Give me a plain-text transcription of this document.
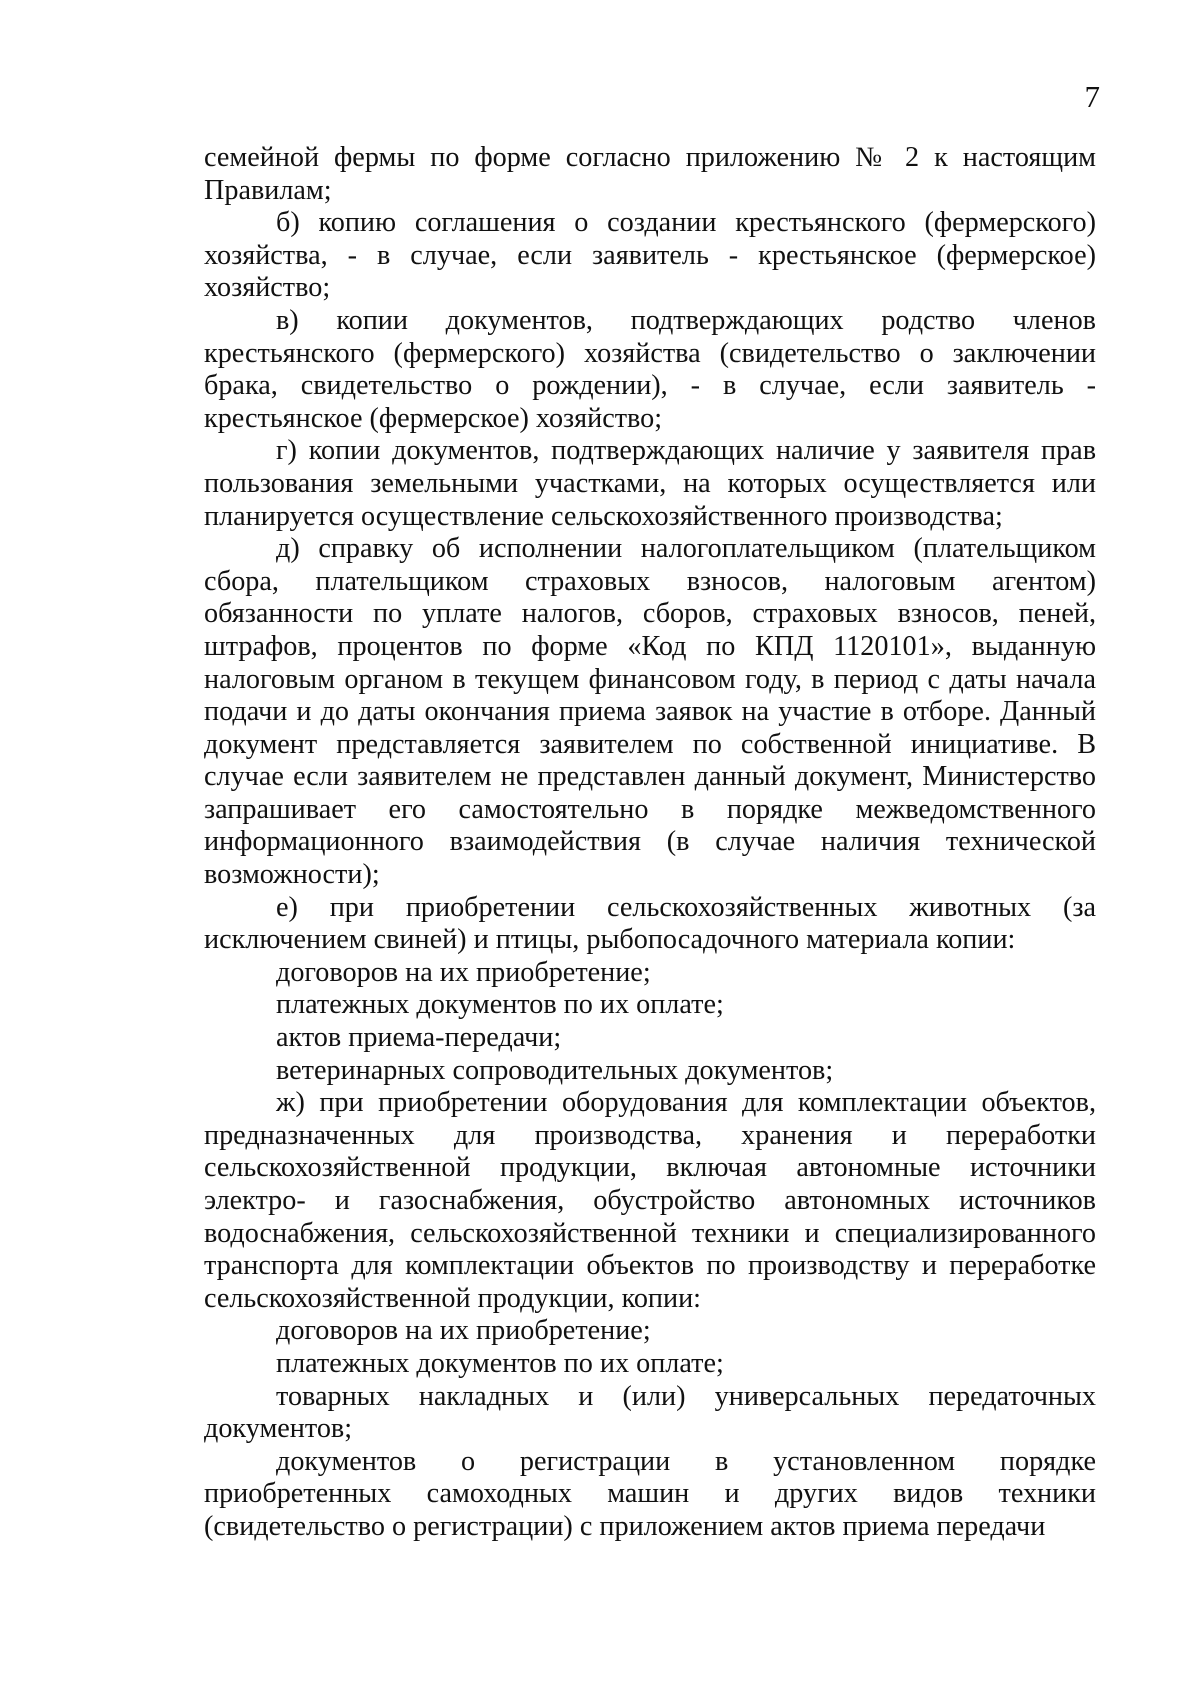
7

семейной фермы по форме согласно приложению № 2 к настоящим Правилам;

б) копию соглашения о создании крестьянского (фермерского) хозяйства, - в случае, если заявитель - крестьянское (фермерское) хозяйство;

в) копии документов, подтверждающих родство членов крестьянского (фермерского) хозяйства (свидетельство о заключении брака, свидетельство о рождении), - в случае, если заявитель - крестьянское (фермерское) хозяйство;

г) копии документов, подтверждающих наличие у заявителя прав пользования земельными участками, на которых осуществляется или планируется осуществление сельскохозяйственного производства;

д) справку об исполнении налогоплательщиком (плательщиком сбора, плательщиком страховых взносов, налоговым агентом) обязанности по уплате налогов, сборов, страховых взносов, пеней, штрафов, процентов по форме «Код по КПД 1120101», выданную налоговым органом в текущем финансовом году, в период с даты начала подачи и до даты окончания приема заявок на участие в отборе. Данный документ представляется заявителем по собственной инициативе. В случае если заявителем не представлен данный документ, Министерство запрашивает его самостоятельно в порядке межведомственного информационного взаимодействия (в случае наличия технической возможности);

е) при приобретении сельскохозяйственных животных (за исключением свиней) и птицы, рыбопосадочного материала копии:

договоров на их приобретение;

платежных документов по их оплате;

актов приема-передачи;

ветеринарных сопроводительных документов;

ж) при приобретении оборудования для комплектации объектов, предназначенных для производства, хранения и переработки сельскохозяйственной продукции, включая автономные источники электро- и газоснабжения, обустройство автономных источников водоснабжения, сельскохозяйственной техники и специализированного транспорта для комплектации объектов по производству и переработке сельскохозяйственной продукции, копии:

договоров на их приобретение;

платежных документов по их оплате;

товарных накладных и (или) универсальных передаточных документов;

документов о регистрации в установленном порядке приобретенных самоходных машин и других видов техники (свидетельство о регистрации) с приложением актов приема передачи
